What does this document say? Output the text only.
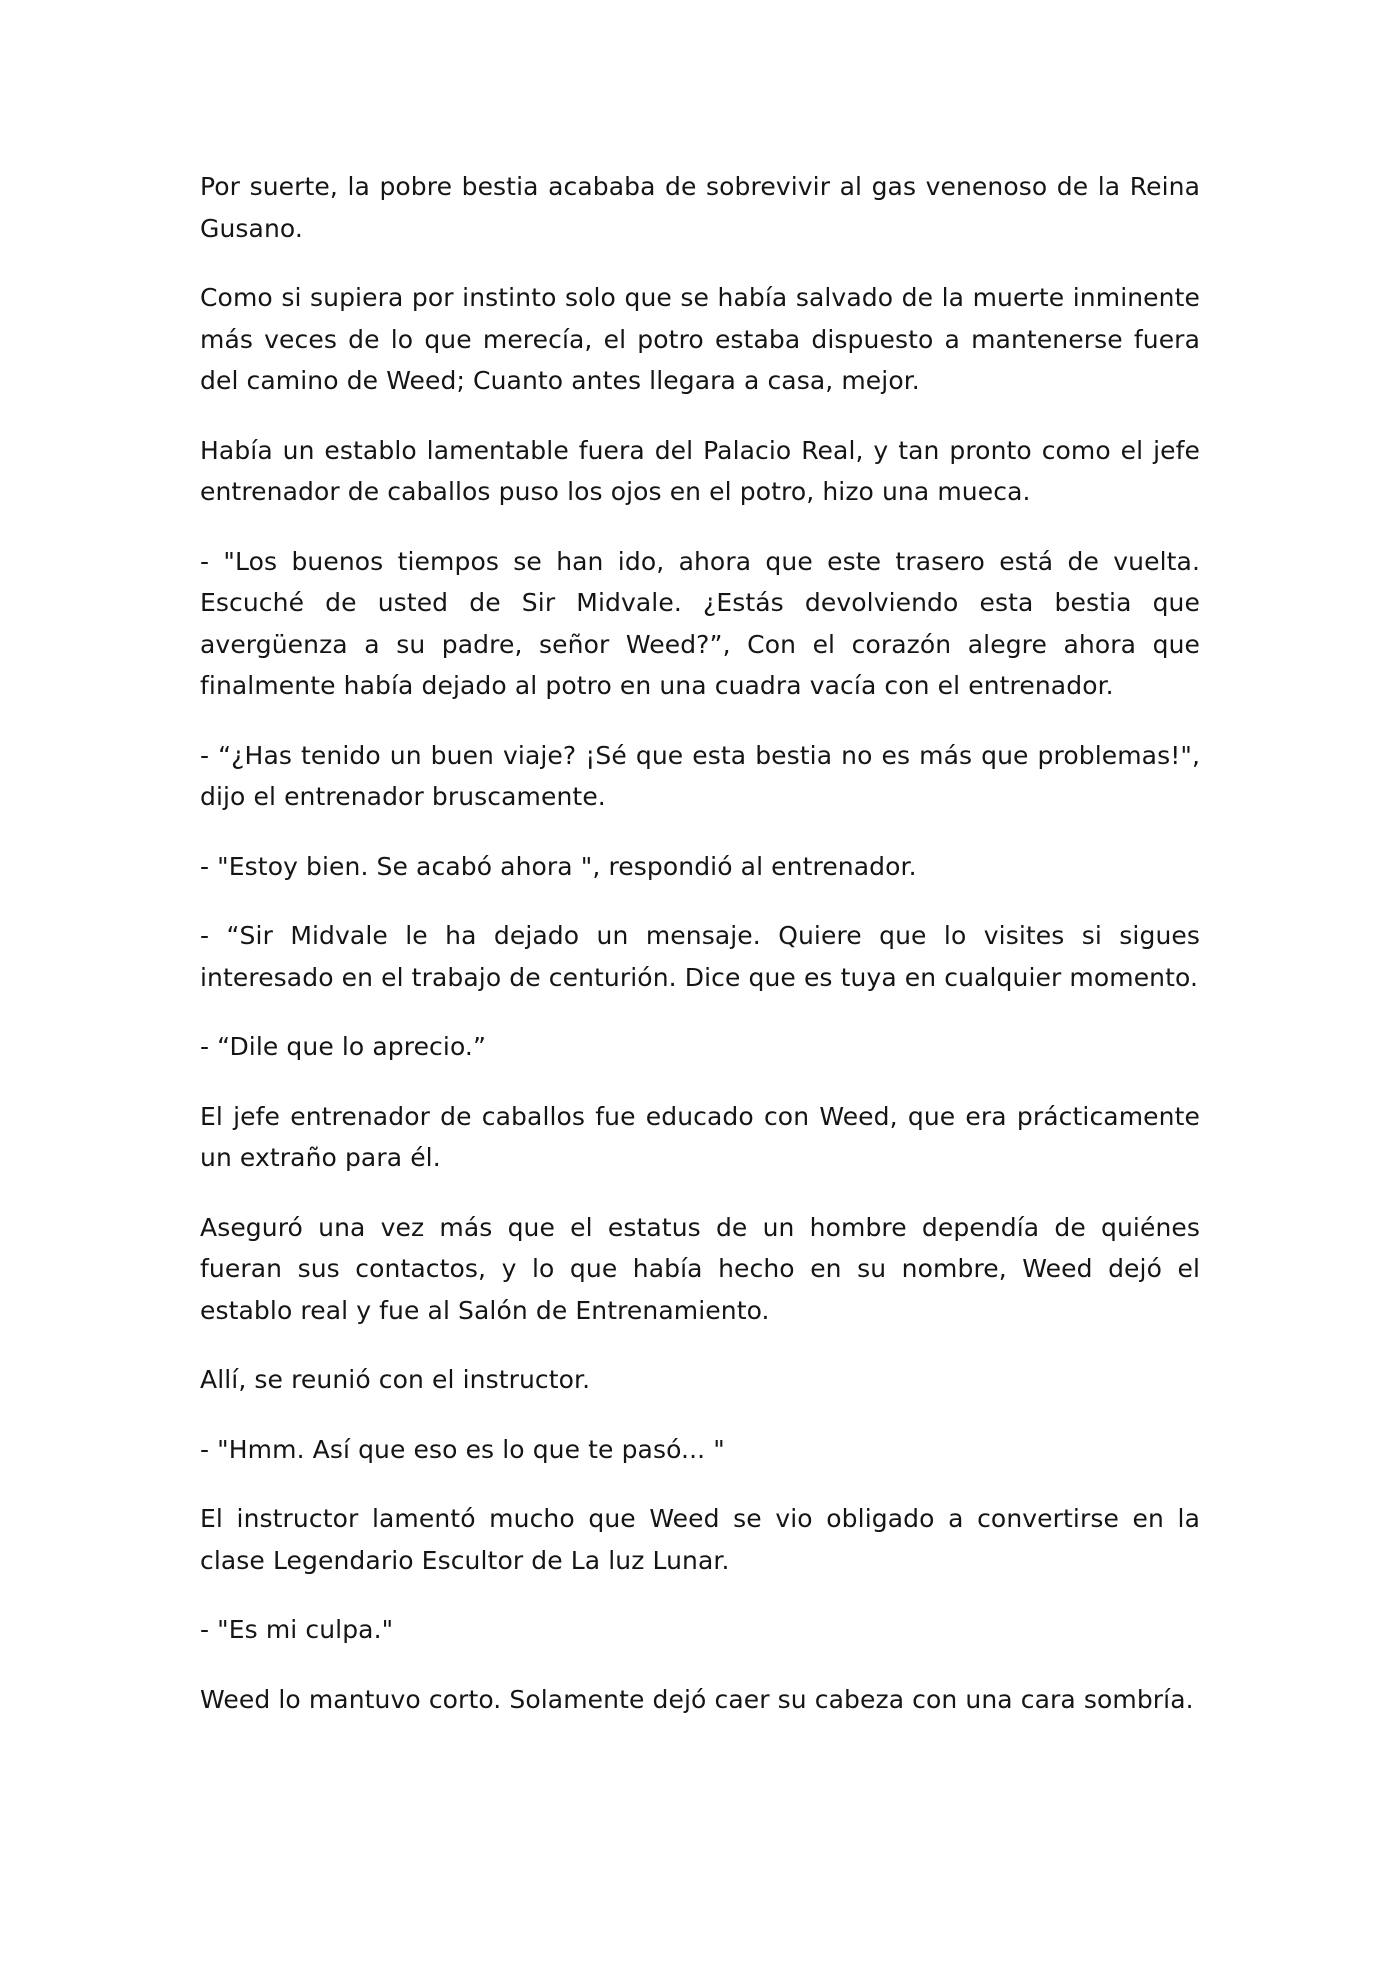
Por suerte, la pobre bestia acababa de sobrevivir al gas venenoso de la Reina Gusano.

Como si supiera por instinto solo que se había salvado de la muerte inminente más veces de lo que merecía, el potro estaba dispuesto a mantenerse fuera del camino de Weed; Cuanto antes llegara a casa, mejor.

Había un establo lamentable fuera del Palacio Real, y tan pronto como el jefe entrenador de caballos puso los ojos en el potro, hizo una mueca.

- "Los buenos tiempos se han ido, ahora que este trasero está de vuelta. Escuché de usted de Sir Midvale. ¿Estás devolviendo esta bestia que avergüenza a su padre, señor Weed?”, Con el corazón alegre ahora que finalmente había dejado al potro en una cuadra vacía con el entrenador.

- “¿Has tenido un buen viaje? ¡Sé que esta bestia no es más que problemas!", dijo el entrenador bruscamente.

- "Estoy bien. Se acabó ahora ", respondió al entrenador.

- “Sir Midvale le ha dejado un mensaje. Quiere que lo visites si sigues interesado en el trabajo de centurión. Dice que es tuya en cualquier momento.

- “Dile que lo aprecio.”

El jefe entrenador de caballos fue educado con Weed, que era prácticamente un extraño para él.

Aseguró una vez más que el estatus de un hombre dependía de quiénes fueran sus contactos, y lo que había hecho en su nombre, Weed dejó el establo real y fue al Salón de Entrenamiento.

Allí, se reunió con el instructor.

- "Hmm. Así que eso es lo que te pasó... "

El instructor lamentó mucho que Weed se vio obligado a convertirse en la clase Legendario Escultor de La luz Lunar.

- "Es mi culpa."

Weed lo mantuvo corto. Solamente dejó caer su cabeza con una cara sombría.
